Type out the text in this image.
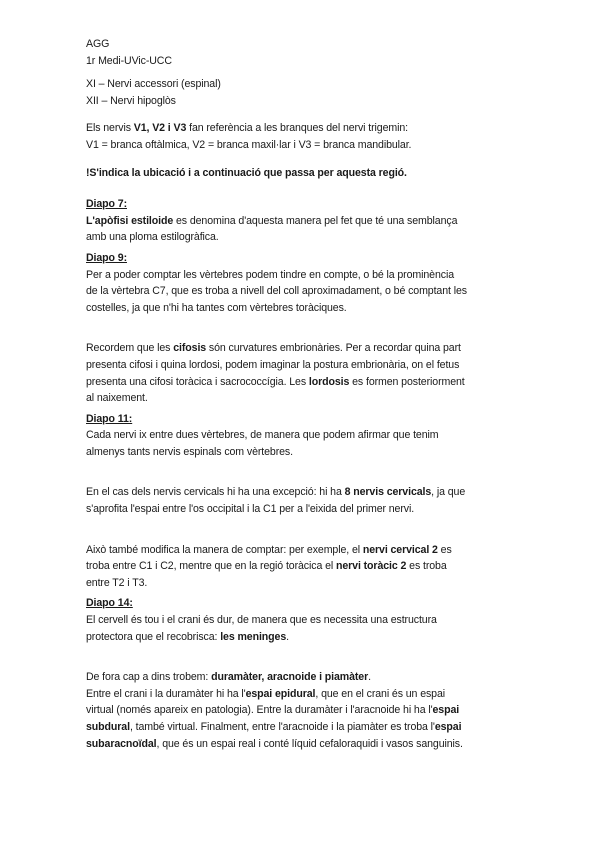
AGG
1r Medi-UVic-UCC
XI – Nervi accessori (espinal)
XII – Nervi hipoglòs
Els nervis V1, V2 i V3 fan referència a les branques del nervi trigemin:
V1 = branca oftàlmica, V2 = branca maxil·lar i V3 = branca mandibular.
!S'indica la ubicació i a continuació que passa per aquesta regió.
Diapo 7:
L'apòfisi estiloide es denomina d'aquesta manera pel fet que té una semblança
amb una ploma estilogràfica.
Diapo 9:
Per a poder comptar les vèrtebres podem tindre en compte, o bé la prominència
de la vèrtebra C7, que es troba a nivell del coll aproximadament, o bé comptant les
costelles, ja que n'hi ha tantes com vèrtebres toràciques.
Recordem que les cifosis són curvatures embrionàries. Per a recordar quina part
presenta cifosi i quina lordosi, podem imaginar la postura embrionària, on el fetus
presenta una cifosi toràcica i sacrococcígia. Les lordosis es formen posteriorment
al naixement.
Diapo 11:
Cada nervi ix entre dues vèrtebres, de manera que podem afirmar que tenim
almenys tants nervis espinals com vèrtebres.
En el cas dels nervis cervicals hi ha una excepció: hi ha 8 nervis cervicals, ja que
s'aprofita l'espai entre l'os occipital i la C1 per a l'eixida del primer nervi.
Això també modifica la manera de comptar: per exemple, el nervi cervical 2 es
troba entre C1 i C2, mentre que en la regió toràcica el nervi toràcic 2 es troba
entre T2 i T3.
Diapo 14:
El cervell és tou i el crani és dur, de manera que es necessita una estructura
protectora que el recobrisca: les meninges.
De fora cap a dins trobem: duramàter, aracnoide i piamàter.
Entre el crani i la duramàter hi ha l'espai epidural, que en el crani és un espai
virtual (només apareix en patologia). Entre la duramàter i l'aracnoide hi ha l'espai
subdural, també virtual. Finalment, entre l'aracnoide i la piamàter es troba l'espai
subaracnoïdal, que és un espai real i conté líquid cefaloraquidi i vasos sanguinis.
